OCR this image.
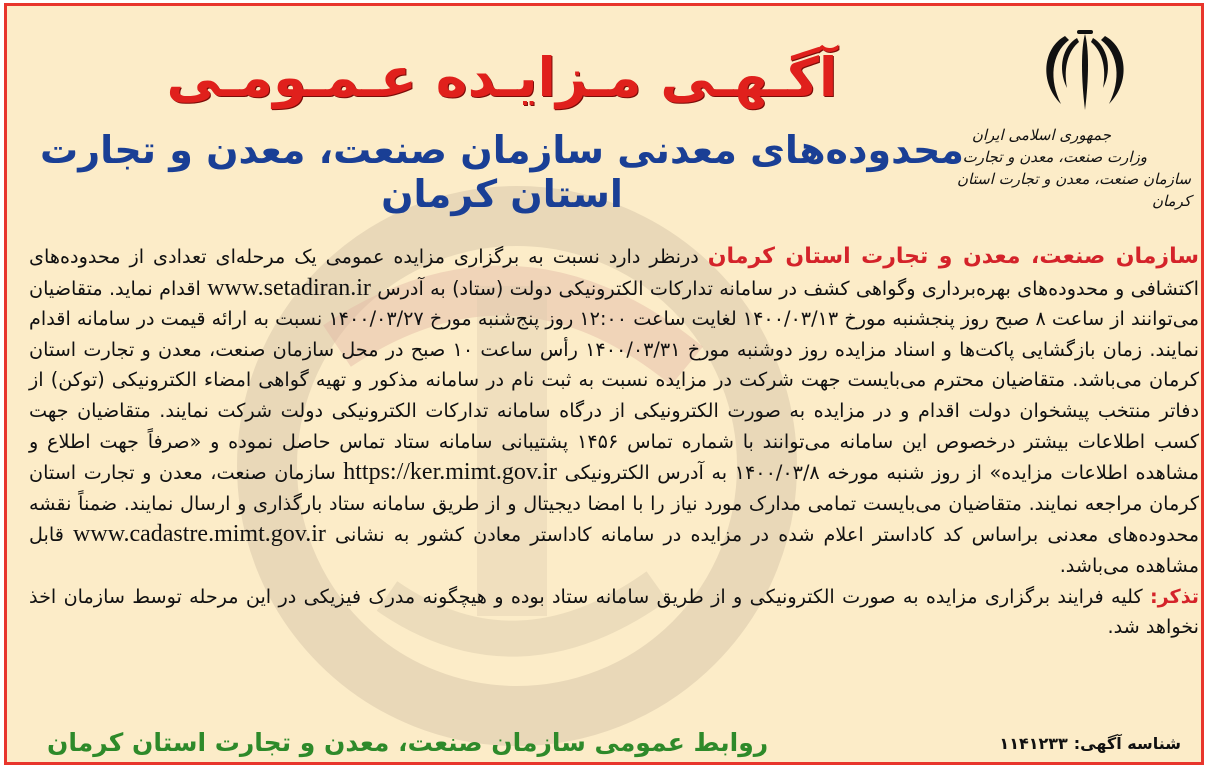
جمهوری اسلامی ایران
وزارت صنعت، معدن و تجارت
سازمان صنعت، معدن و تجارت استان کرمان
آگـهـی مـزایـده عـمـومـی
محدوده‌های معدنی سازمان صنعت، معدن و تجارت استان کرمان
سازمان صنعت، معدن و تجارت استان کرمان درنظر دارد نسبت به برگزاری مزایده عمومی یک مرحله‌ای تعدادی از محدوده‌های اکتشافی و محدوده‌های بهره‌برداری وگواهی کشف در سامانه تدارکات الکترونیکی دولت (ستاد) به آدرس www.setadiran.ir اقدام نماید. متقاضیان می‌توانند از ساعت ۸ صبح روز پنجشنبه مورخ ۱۴۰۰/۰۳/۱۳ لغایت ساعت ۱۲:۰۰ روز پنج‌شنبه مورخ ۱۴۰۰/۰۳/۲۷ نسبت به ارائه قیمت در سامانه اقدام نمایند. زمان بازگشایی پاکت‌ها و اسناد مزایده روز دوشنبه مورخ ۱۴۰۰/۰۳/۳۱ رأس ساعت ۱۰ صبح در محل سازمان صنعت، معدن و تجارت استان کرمان می‌باشد. متقاضیان محترم می‌بایست جهت شرکت در مزایده نسبت به ثبت نام در سامانه مذکور و تهیه گواهی امضاء الکترونیکی (توکن) از دفاتر منتخب پیشخوان دولت اقدام و در مزایده به صورت الکترونیکی از درگاه سامانه تدارکات الکترونیکی دولت شرکت نمایند. متقاضیان جهت کسب اطلاعات بیشتر درخصوص این سامانه می‌توانند با شماره تماس ۱۴۵۶ پشتیبانی سامانه ستاد تماس حاصل نموده و «صرفاً جهت اطلاع و مشاهده اطلاعات مزایده» از روز شنبه مورخه ۱۴۰۰/۰۳/۸ به آدرس الکترونیکی https://ker.mimt.gov.ir سازمان صنعت، معدن و تجارت استان کرمان مراجعه نمایند. متقاضیان می‌بایست تمامی مدارک مورد نیاز را با امضا دیجیتال و از طریق سامانه ستاد بارگذاری و ارسال نمایند. ضمناً نقشه محدوده‌های معدنی براساس کد کاداستر اعلام شده در مزایده در سامانه کاداستر معادن کشور به نشانی www.cadastre.mimt.gov.ir قابل مشاهده می‌باشد.
تذکر: کلیه فرایند برگزاری مزایده به صورت الکترونیکی و از طریق سامانه ستاد بوده و هیچگونه مدرک فیزیکی در این مرحله توسط سازمان اخذ نخواهد شد.
روابط عمومی سازمان صنعت، معدن و تجارت استان کرمان	شناسه آگهی:۱۱۴۱۲۳۳
